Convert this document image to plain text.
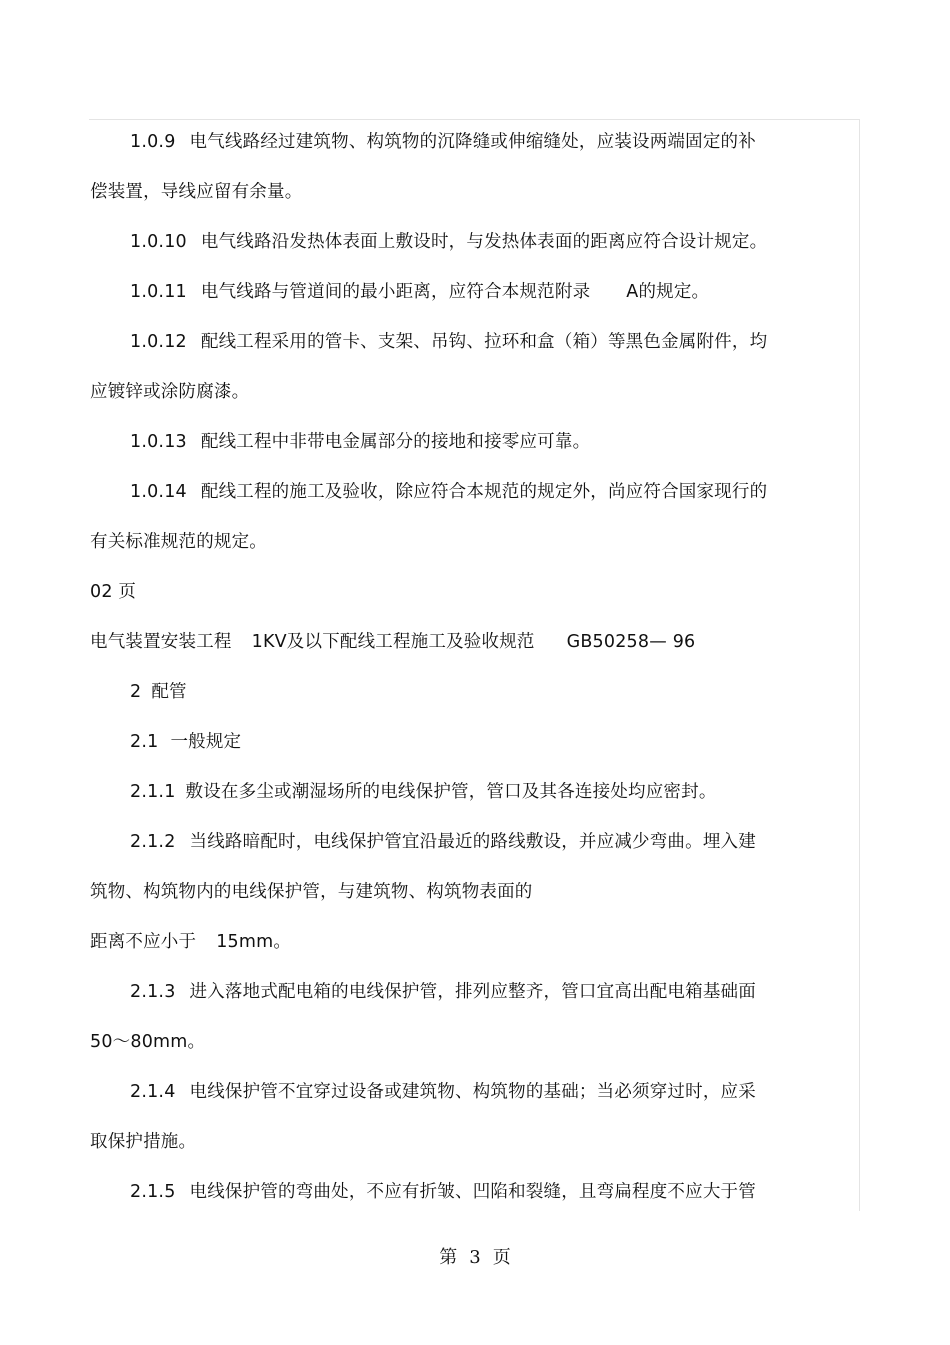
1.0.9 电气线路经过建筑物、构筑物的沉降缝或伸缩缝处，应装设两端固定的补
偿装置，导线应留有余量。
1.0.10 电气线路沿发热体表面上敷设时，与发热体表面的距离应符合设计规定。
1.0.11 电气线路与管道间的最小距离，应符合本规范附录 A的规定。
1.0.12 配线工程采用的管卡、支架、吊钩、拉环和盒（箱）等黑色金属附件，均
应镀锌或涂防腐漆。
1.0.13 配线工程中非带电金属部分的接地和接零应可靠。
1.0.14 配线工程的施工及验收，除应符合本规范的规定外，尚应符合国家现行的
有关标准规范的规定。
02 页
电气装置安装工程 1KV及以下配线工程施工及验收规范 GB50258— 96
2 配管
2.1 一般规定
2.1.1 敷设在多尘或潮湿场所的电线保护管，管口及其各连接处均应密封。
2.1.2 当线路暗配时，电线保护管宜沿最近的路线敷设，并应减少弯曲。埋入建
筑物、构筑物内的电线保护管，与建筑物、构筑物表面的
距离不应小于 15mm。
2.1.3 进入落地式配电箱的电线保护管，排列应整齐，管口宜高出配电箱基础面
50～80mm。
2.1.4 电线保护管不宜穿过设备或建筑物、构筑物的基础；当必须穿过时，应采
取保护措施。
2.1.5 电线保护管的弯曲处，不应有折皱、凹陷和裂缝，且弯扁程度不应大于管
第 3 页
